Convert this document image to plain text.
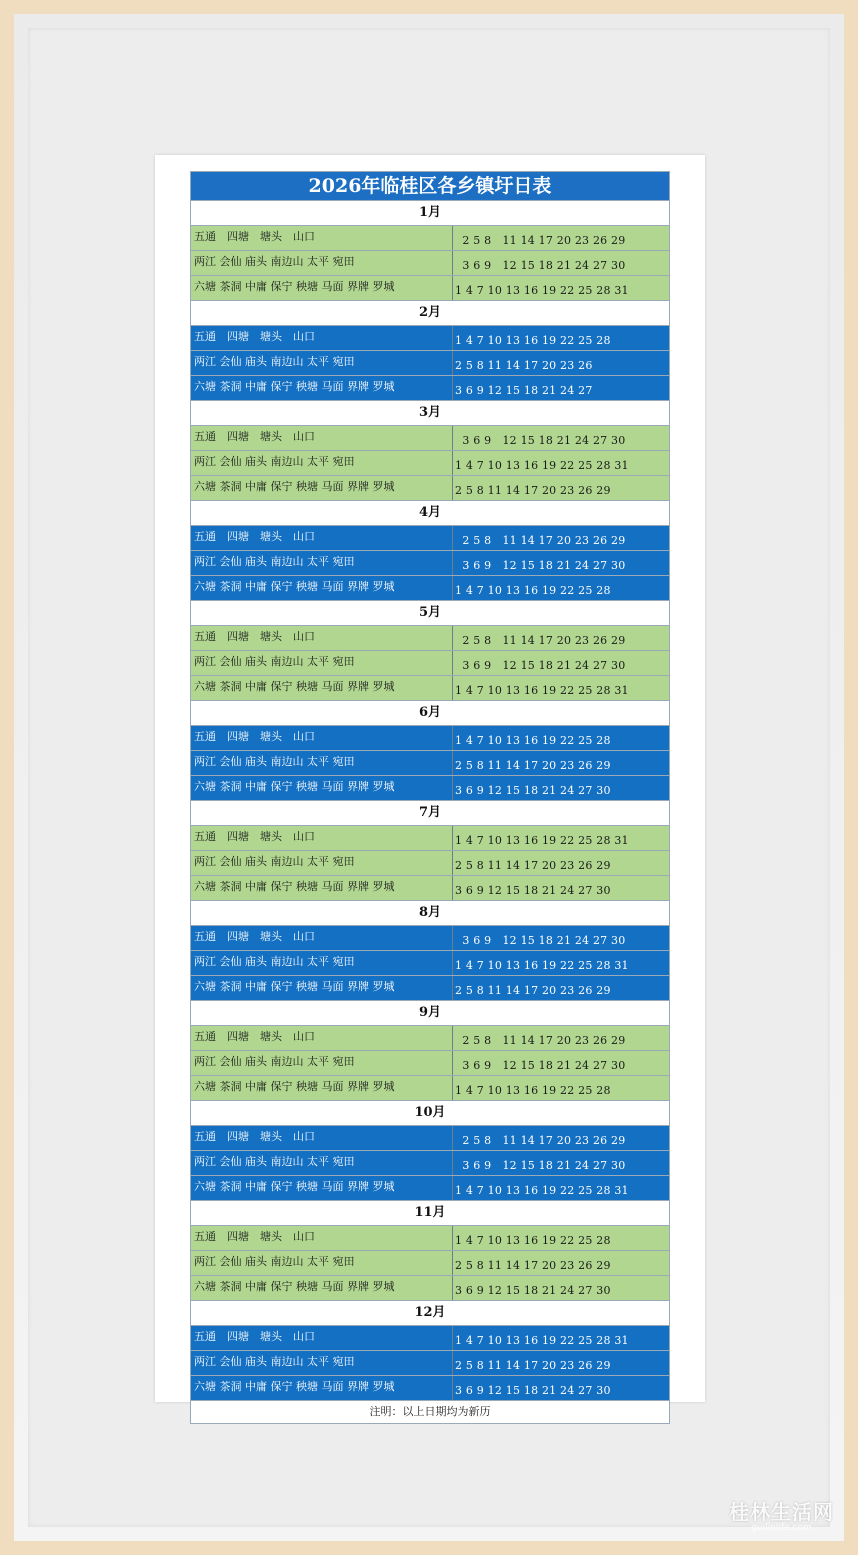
2026年临桂区各乡镇圩日表
1月
五通　四塘　塘头　山口	2 5 8   11 14 17 20 23 26 29
两江 会仙 庙头 南边山 太平 宛田	3 6 9   12 15 18 21 24 27 30
六塘 茶洞 中庸 保宁 秧塘 马面 界牌 罗城	1 4 7 10 13 16 19 22 25 28 31
2月
五通　四塘　塘头　山口	1 4 7 10 13 16 19 22 25 28
两江 会仙 庙头 南边山 太平 宛田	2 5 8 11 14 17 20 23 26
六塘 茶洞 中庸 保宁 秧塘 马面 界牌 罗城	3 6 9 12 15 18 21 24 27
3月
五通　四塘　塘头　山口	3 6 9   12 15 18 21 24 27 30
两江 会仙 庙头 南边山 太平 宛田	1 4 7 10 13 16 19 22 25 28 31
六塘 茶洞 中庸 保宁 秧塘 马面 界牌 罗城	2 5 8 11 14 17 20 23 26 29
4月
五通　四塘　塘头　山口	2 5 8   11 14 17 20 23 26 29
两江 会仙 庙头 南边山 太平 宛田	3 6 9   12 15 18 21 24 27 30
六塘 茶洞 中庸 保宁 秧塘 马面 界牌 罗城	1 4 7 10 13 16 19 22 25 28
5月
五通　四塘　塘头　山口	2 5 8   11 14 17 20 23 26 29
两江 会仙 庙头 南边山 太平 宛田	3 6 9   12 15 18 21 24 27 30
六塘 茶洞 中庸 保宁 秧塘 马面 界牌 罗城	1 4 7 10 13 16 19 22 25 28 31
6月
五通　四塘　塘头　山口	1 4 7 10 13 16 19 22 25 28
两江 会仙 庙头 南边山 太平 宛田	2 5 8 11 14 17 20 23 26 29
六塘 茶洞 中庸 保宁 秧塘 马面 界牌 罗城	3 6 9 12 15 18 21 24 27 30
7月
五通　四塘　塘头　山口	1 4 7 10 13 16 19 22 25 28 31
两江 会仙 庙头 南边山 太平 宛田	2 5 8 11 14 17 20 23 26 29
六塘 茶洞 中庸 保宁 秧塘 马面 界牌 罗城	3 6 9 12 15 18 21 24 27 30
8月
五通　四塘　塘头　山口	3 6 9   12 15 18 21 24 27 30
两江 会仙 庙头 南边山 太平 宛田	1 4 7 10 13 16 19 22 25 28 31
六塘 茶洞 中庸 保宁 秧塘 马面 界牌 罗城	2 5 8 11 14 17 20 23 26 29
9月
五通　四塘　塘头　山口	2 5 8   11 14 17 20 23 26 29
两江 会仙 庙头 南边山 太平 宛田	3 6 9   12 15 18 21 24 27 30
六塘 茶洞 中庸 保宁 秧塘 马面 界牌 罗城	1 4 7 10 13 16 19 22 25 28
10月
五通　四塘　塘头　山口	2 5 8   11 14 17 20 23 26 29
两江 会仙 庙头 南边山 太平 宛田	3 6 9   12 15 18 21 24 27 30
六塘 茶洞 中庸 保宁 秧塘 马面 界牌 罗城	1 4 7 10 13 16 19 22 25 28 31
11月
五通　四塘　塘头　山口	1 4 7 10 13 16 19 22 25 28
两江 会仙 庙头 南边山 太平 宛田	2 5 8 11 14 17 20 23 26 29
六塘 茶洞 中庸 保宁 秧塘 马面 界牌 罗城	3 6 9 12 15 18 21 24 27 30
12月
五通　四塘　塘头　山口	1 4 7 10 13 16 19 22 25 28 31
两江 会仙 庙头 南边山 太平 宛田	2 5 8 11 14 17 20 23 26 29
六塘 茶洞 中庸 保宁 秧塘 马面 界牌 罗城	3 6 9 12 15 18 21 24 27 30
注明：以上日期均为新历
桂林生活网
guilinlife.com
